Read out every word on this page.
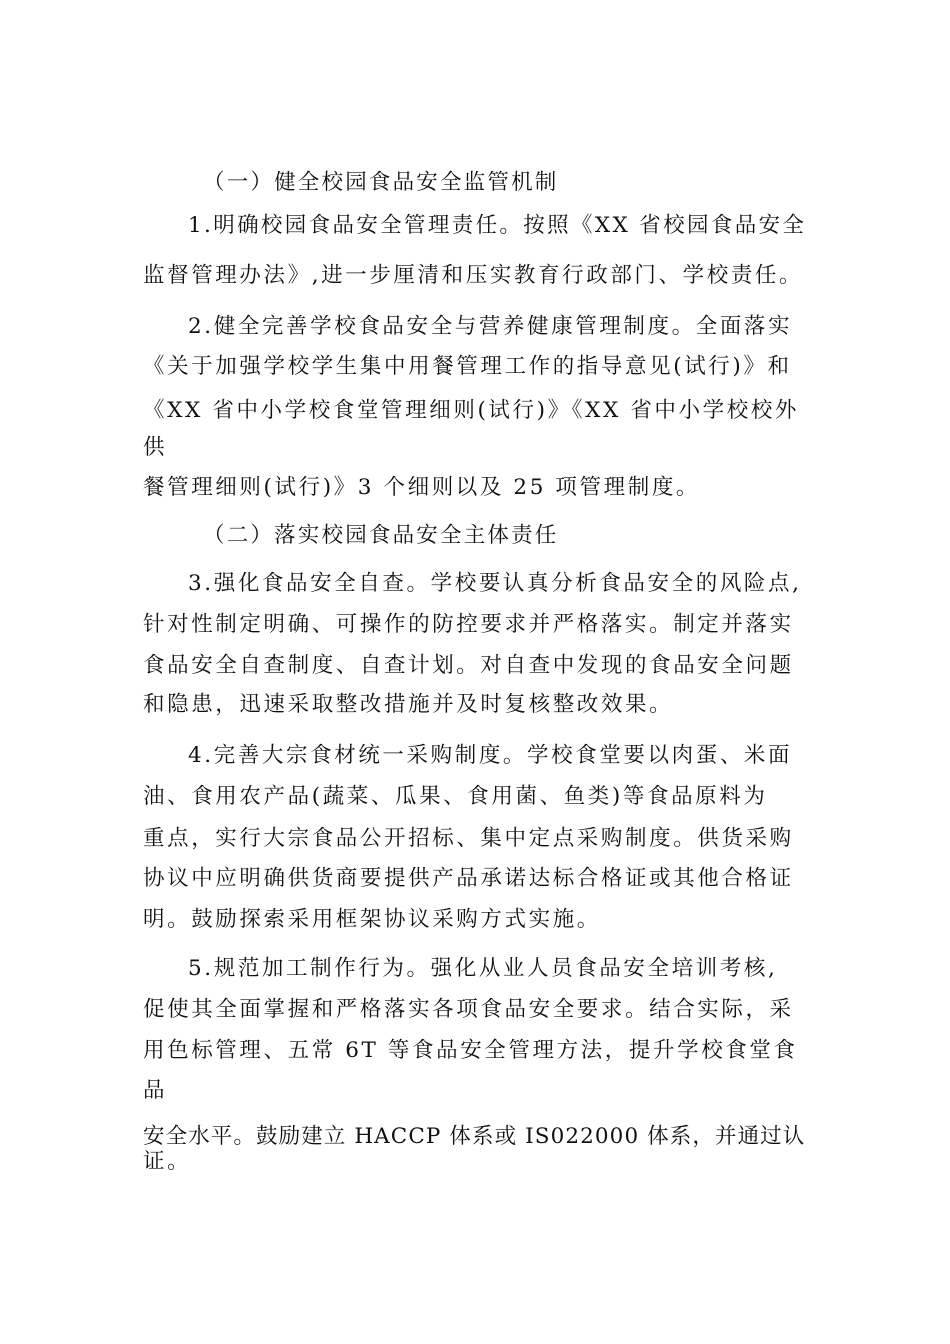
（一）健全校园食品安全监管机制
1.明确校园食品安全管理责任。按照《XX 省校园食品安全
监督管理办法》,进一步厘清和压实教育行政部门、学校责任。
2.健全完善学校食品安全与营养健康管理制度。全面落实
《关于加强学校学生集中用餐管理工作的指导意见(试行)》和
《XX 省中小学校食堂管理细则(试行)》《XX 省中小学校校外
供
餐管理细则(试行)》3 个细则以及 25 项管理制度。
（二）落实校园食品安全主体责任
3.强化食品安全自查。学校要认真分析食品安全的风险点,
针对性制定明确、可操作的防控要求并严格落实。制定并落实
食品安全自查制度、自查计划。对自查中发现的食品安全问题
和隐患，迅速采取整改措施并及时复核整改效果。
4.完善大宗食材统一采购制度。学校食堂要以肉蛋、米面
油、食用农产品(蔬菜、瓜果、食用菌、鱼类)等食品原料为
重点，实行大宗食品公开招标、集中定点采购制度。供货采购
协议中应明确供货商要提供产品承诺达标合格证或其他合格证
明。鼓励探索采用框架协议采购方式实施。
5.规范加工制作行为。强化从业人员食品安全培训考核,
促使其全面掌握和严格落实各项食品安全要求。结合实际，采
用色标管理、五常 6T 等食品安全管理方法，提升学校食堂食
品
安全水平。鼓励建立 HACCP 体系或 IS022000 体系，并通过认
证。
